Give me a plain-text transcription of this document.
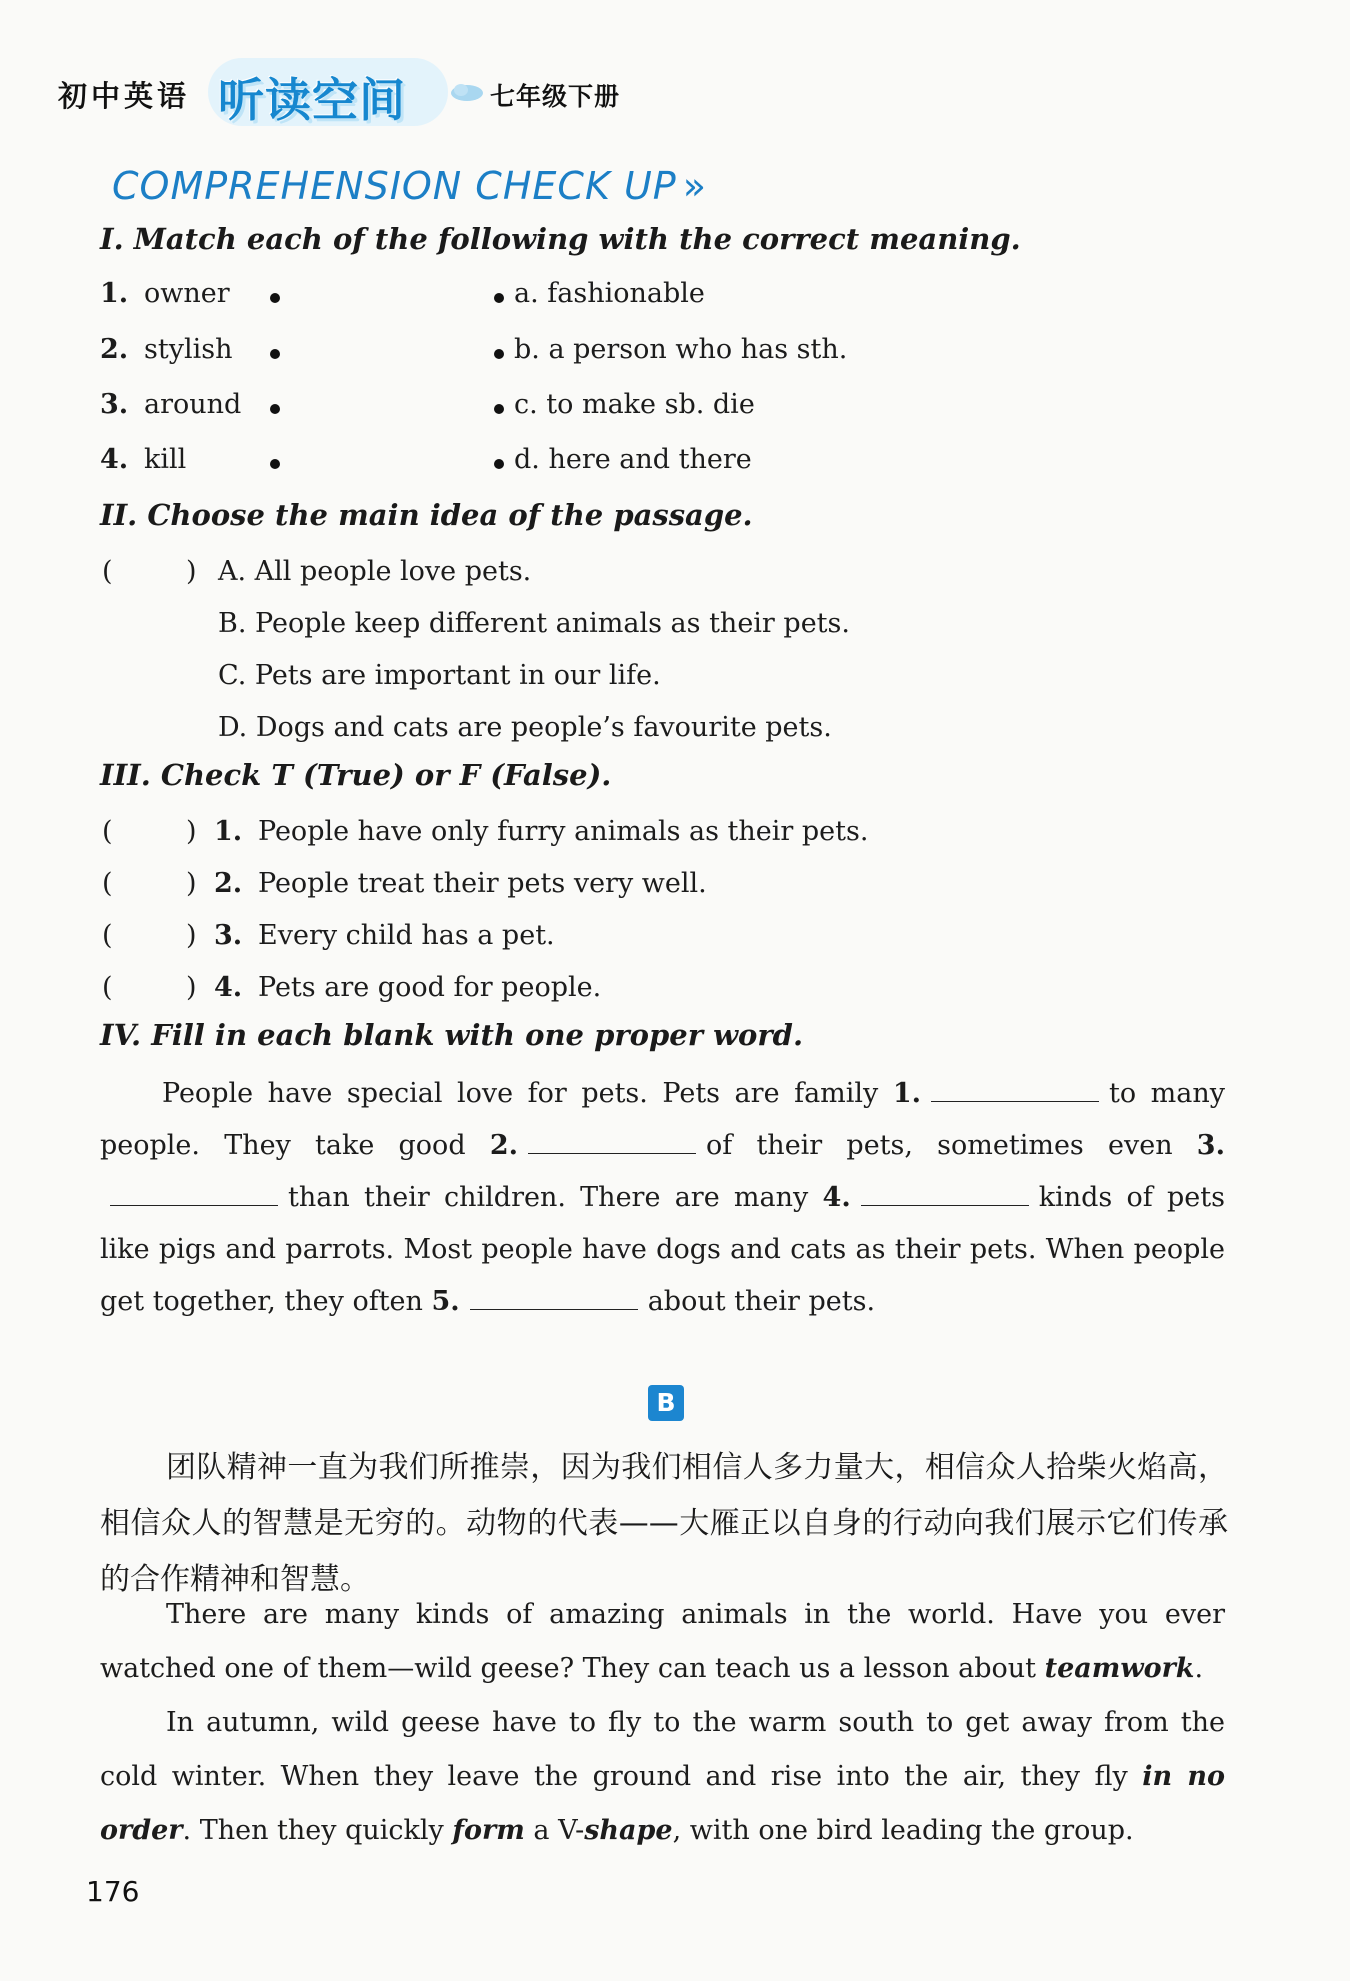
初中英语 听读空间	七年级下册
COMPREHENSION CHECK UP »
I. Match each of the following with the correct meaning.
1. owner	a. fashionable
2. stylish	b. a person who has sth.
3. around	c. to make sb. die
4. kill	d. here and there
II. Choose the main idea of the passage.
(	) A. All people love pets.
B. People keep different animals as their pets.
C. Pets are important in our life.
D. Dogs and cats are people’s favourite pets.
III. Check T (True) or F (False).
(	) 1. People have only furry animals as their pets.
(	) 2. People treat their pets very well.
(	) 3. Every child has a pet.
(	) 4. Pets are good for people.
IV. Fill in each blank with one proper word.
People have special love for pets. Pets are family 1.	to many people. They take good 2.	of their pets, sometimes even 3.than their children. There are many 4.	kinds of pets like pigs and parrots. Most people have dogs and cats as their pets. When people get together, they often 5.	about their pets.
B
团队精神一直为我们所推崇，因为我们相信人多力量大，相信众人拾柴火焰高，相信众人的智慧是无穷的。动物的代表——大雁正以自身的行动向我们展示它们传承的合作精神和智慧。
There are many kinds of amazing animals in the world. Have you ever watched one of them—wild geese? They can teach us a lesson about teamwork.
In autumn, wild geese have to fly to the warm south to get away from the cold winter. When they leave the ground and rise into the air, they fly in no order. Then they quickly form a V-shape, with one bird leading the group.
176
